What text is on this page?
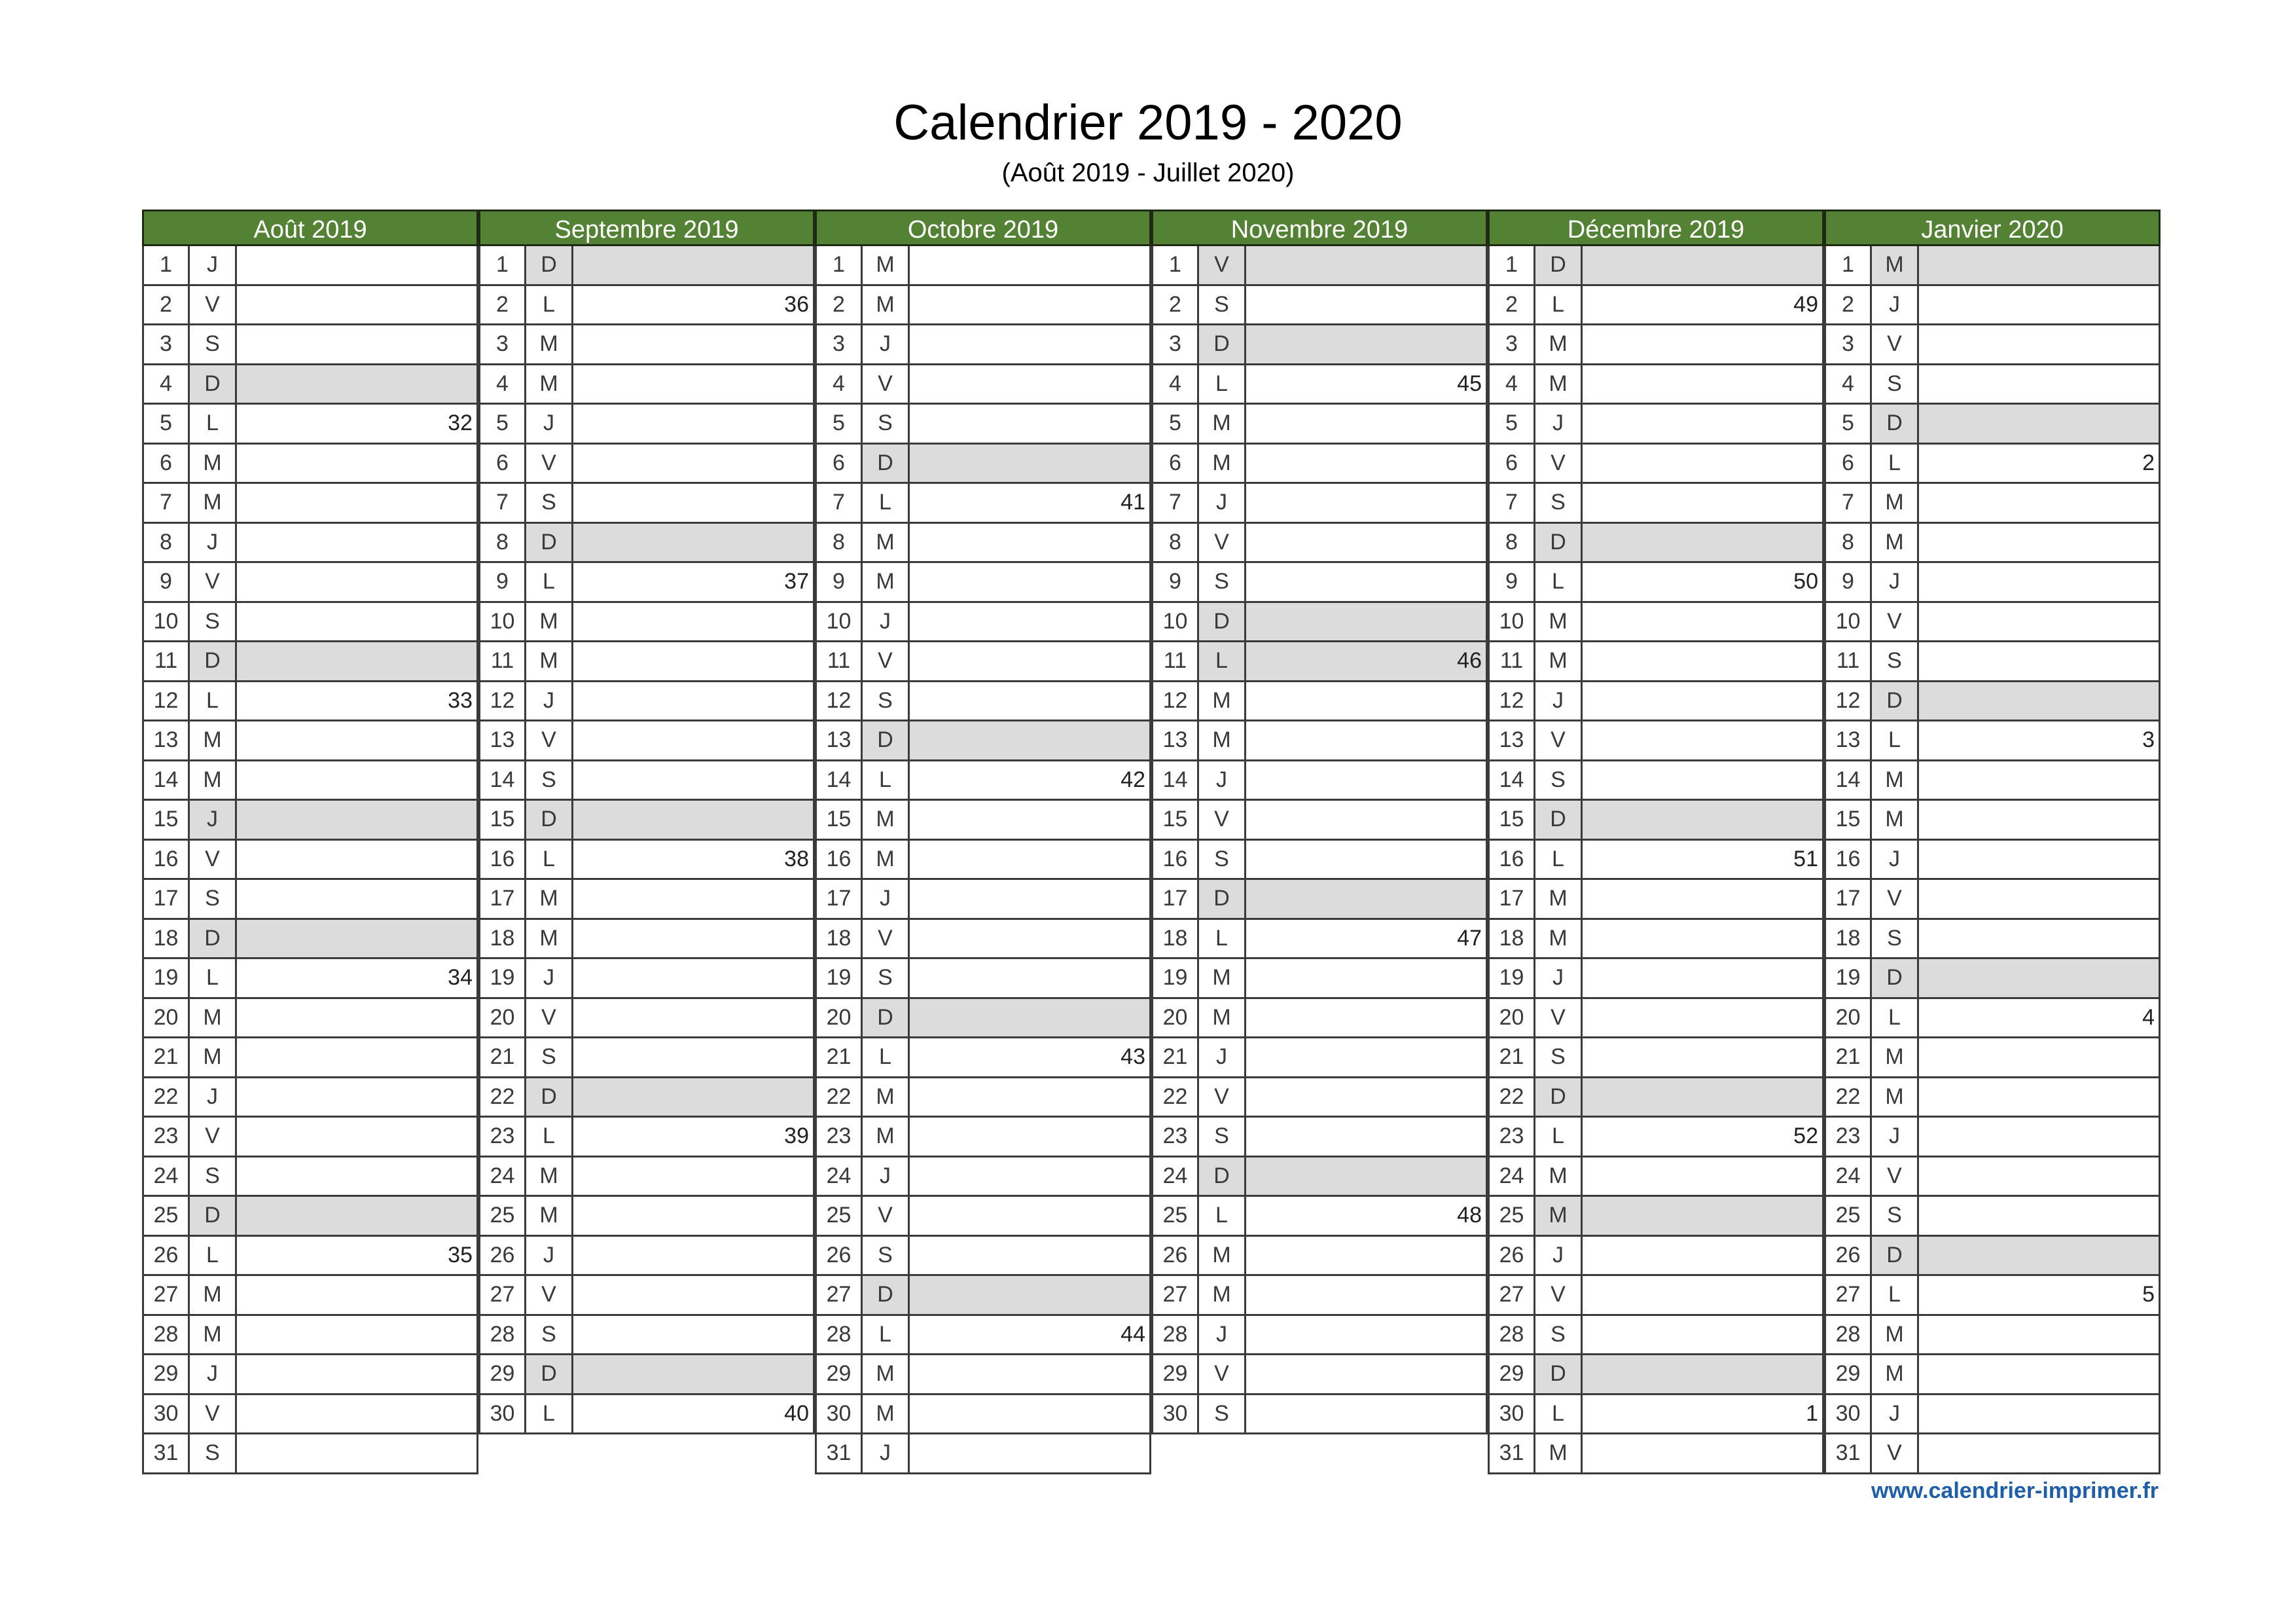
Calendrier 2019 - 2020
(Août 2019 - Juillet 2020)
Août 2019
1	J
2	V
3	S
4	D
5	L	32
6	M
7	M
8	J
9	V
10	S
11	D
12	L	33
13	M
14	M
15	J
16	V
17	S
18	D
19	L	34
20	M
21	M
22	J
23	V
24	S
25	D
26	L	35
27	M
28	M
29	J
30	V
31	S
Septembre 2019
1	D
2	L	36
3	M
4	M
5	J
6	V
7	S
8	D
9	L	37
10	M
11	M
12	J
13	V
14	S
15	D
16	L	38
17	M
18	M
19	J
20	V
21	S
22	D
23	L	39
24	M
25	M
26	J
27	V
28	S
29	D
30	L	40
Octobre 2019
1	M
2	M
3	J
4	V
5	S
6	D
7	L	41
8	M
9	M
10	J
11	V
12	S
13	D
14	L	42
15	M
16	M
17	J
18	V
19	S
20	D
21	L	43
22	M
23	M
24	J
25	V
26	S
27	D
28	L	44
29	M
30	M
31	J
Novembre 2019
1	V
2	S
3	D
4	L	45
5	M
6	M
7	J
8	V
9	S
10	D
11	L	46
12	M
13	M
14	J
15	V
16	S
17	D
18	L	47
19	M
20	M
21	J
22	V
23	S
24	D
25	L	48
26	M
27	M
28	J
29	V
30	S
Décembre 2019
1	D
2	L	49
3	M
4	M
5	J
6	V
7	S
8	D
9	L	50
10	M
11	M
12	J
13	V
14	S
15	D
16	L	51
17	M
18	M
19	J
20	V
21	S
22	D
23	L	52
24	M
25	M
26	J
27	V
28	S
29	D
30	L	1
31	M
Janvier 2020
1	M
2	J
3	V
4	S
5	D
6	L	2
7	M
8	M
9	J
10	V
11	S
12	D
13	L	3
14	M
15	M
16	J
17	V
18	S
19	D
20	L	4
21	M
22	M
23	J
24	V
25	S
26	D
27	L	5
28	M
29	M
30	J
31	V
www.calendrier-imprimer.fr
